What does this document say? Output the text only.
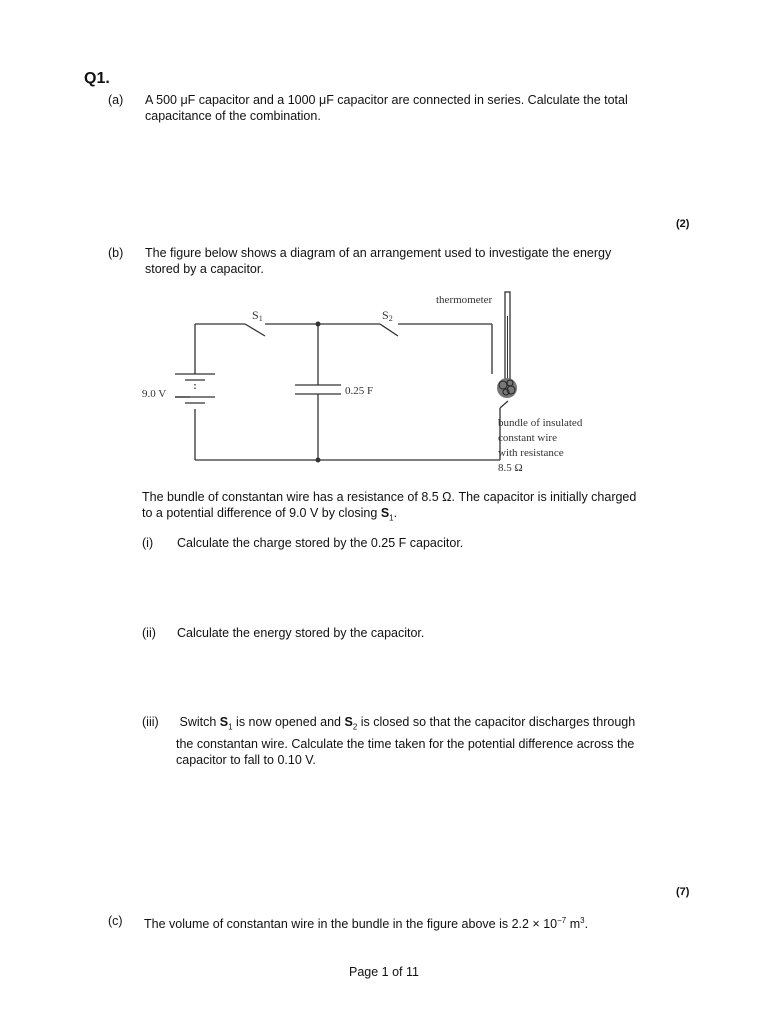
Q1.
(a) A 500 μF capacitor and a 1000 μF capacitor are connected in series. Calculate the total
capacitance of the combination.
(2)
(b) The figure below shows a diagram of an arrangement used to investigate the energy
stored by a capacitor.
thermometer
S1	S2
9.0 V	0.25 F
bundle of insulated
constant wire
with resistance
8.5 Ω
The bundle of constantan wire has a resistance of 8.5 Ω. The capacitor is initially charged
to a potential difference of 9.0 V by closing $S_1$.
(i) Calculate the charge stored by the 0.25 F capacitor.
(ii) Calculate the energy stored by the capacitor.
(iii) Switch $S_1$ is now opened and $S_2$ is closed so that the capacitor discharges through
the constantan wire. Calculate the time taken for the potential difference across the
capacitor to fall to 0.10 V.
(7)
(c) The volume of constantan wire in the bundle in the figure above is $2.2 \times 10^{-7}$ $m^3$.
Page 1 of 11
